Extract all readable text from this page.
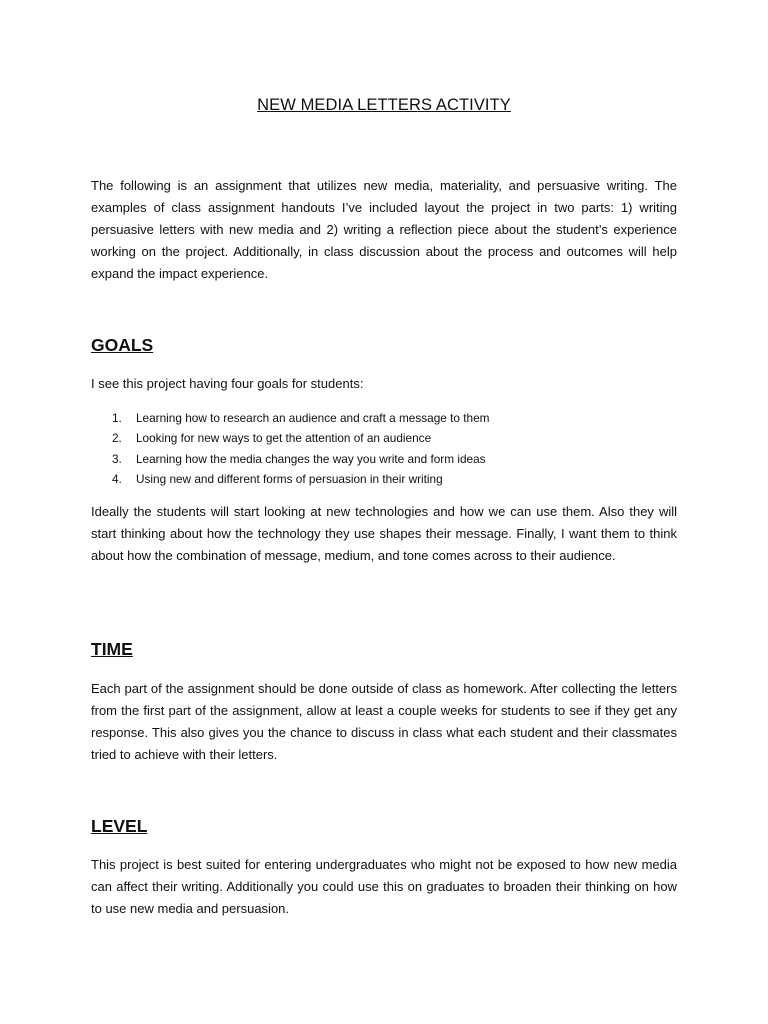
NEW MEDIA LETTERS ACTIVITY

The following is an assignment that utilizes new media, materiality, and persuasive writing. The examples of class assignment handouts I’ve included layout the project in two parts: 1) writing persuasive letters with new media and 2) writing a reflection piece about the student’s experience working on the project. Additionally, in class discussion about the process and outcomes will help expand the impact experience.

GOALS

I see this project having four goals for students:

1. Learning how to research an audience and craft a message to them
2. Looking for new ways to get the attention of an audience
3. Learning how the media changes the way you write and form ideas
4. Using new and different forms of persuasion in their writing

Ideally the students will start looking at new technologies and how we can use them. Also they will start thinking about how the technology they use shapes their message. Finally, I want them to think about how the combination of message, medium, and tone comes across to their audience.

TIME

Each part of the assignment should be done outside of class as homework. After collecting the letters from the first part of the assignment, allow at least a couple weeks for students to see if they get any response. This also gives you the chance to discuss in class what each student and their classmates tried to achieve with their letters.

LEVEL

This project is best suited for entering undergraduates who might not be exposed to how new media can affect their writing. Additionally you could use this on graduates to broaden their thinking on how to use new media and persuasion.
